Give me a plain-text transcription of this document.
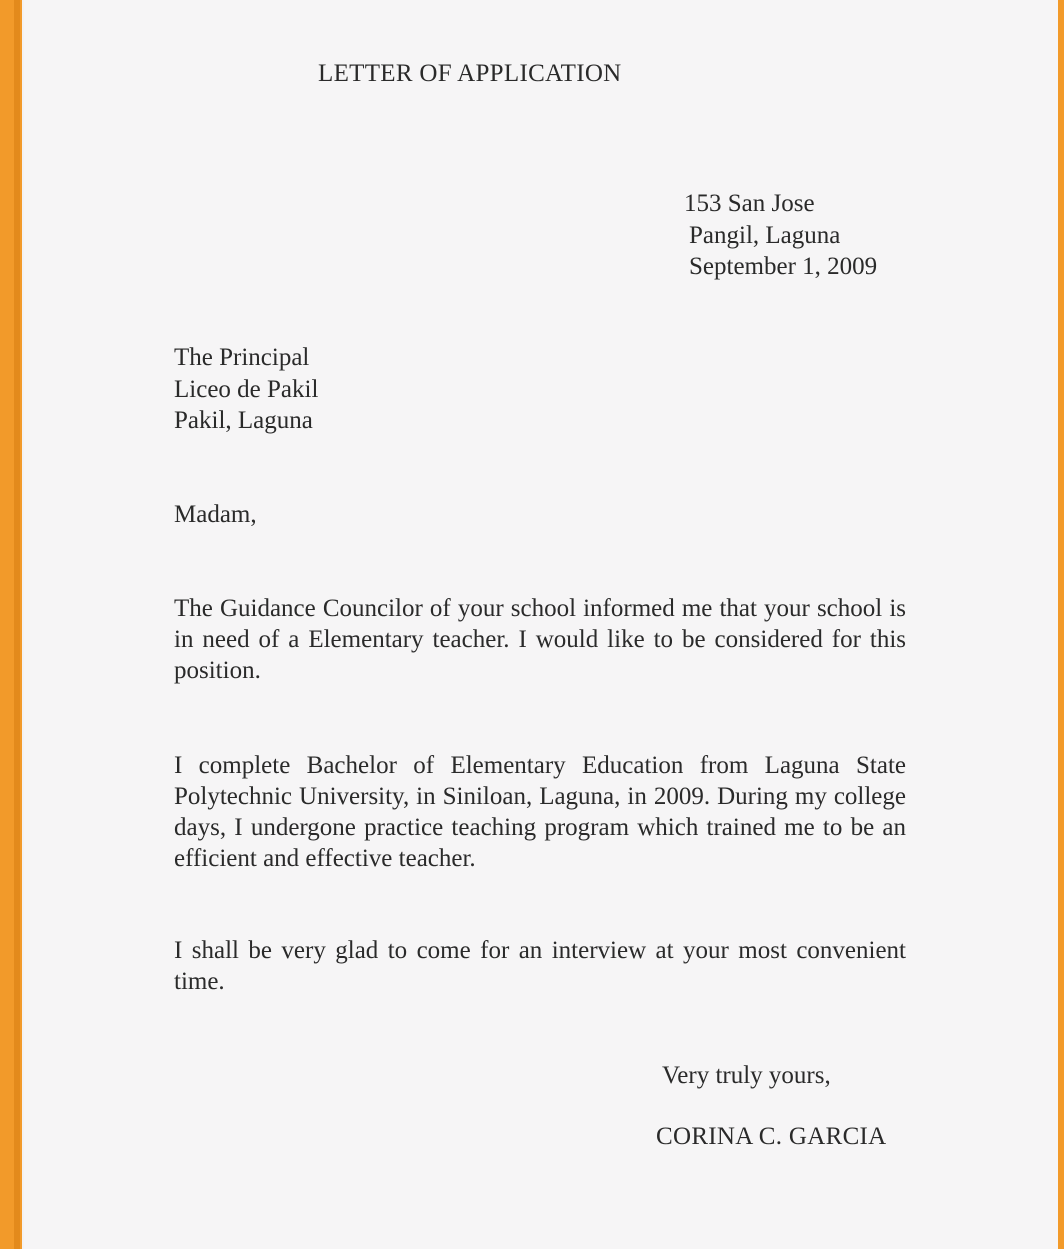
LETTER OF APPLICATION
153 San Jose
Pangil, Laguna
September 1, 2009
The Principal
Liceo de Pakil
Pakil, Laguna
Madam,
The Guidance Councilor of your school informed me that your school is in need of a Elementary teacher. I would like to be considered for this position.
I complete Bachelor of Elementary Education from Laguna State Polytechnic University, in Siniloan, Laguna, in 2009. During my college days, I undergone practice teaching program which trained me to be an efficient and effective teacher.
I shall be very glad to come for an interview at your most convenient time.
Very truly yours,
CORINA C. GARCIA
